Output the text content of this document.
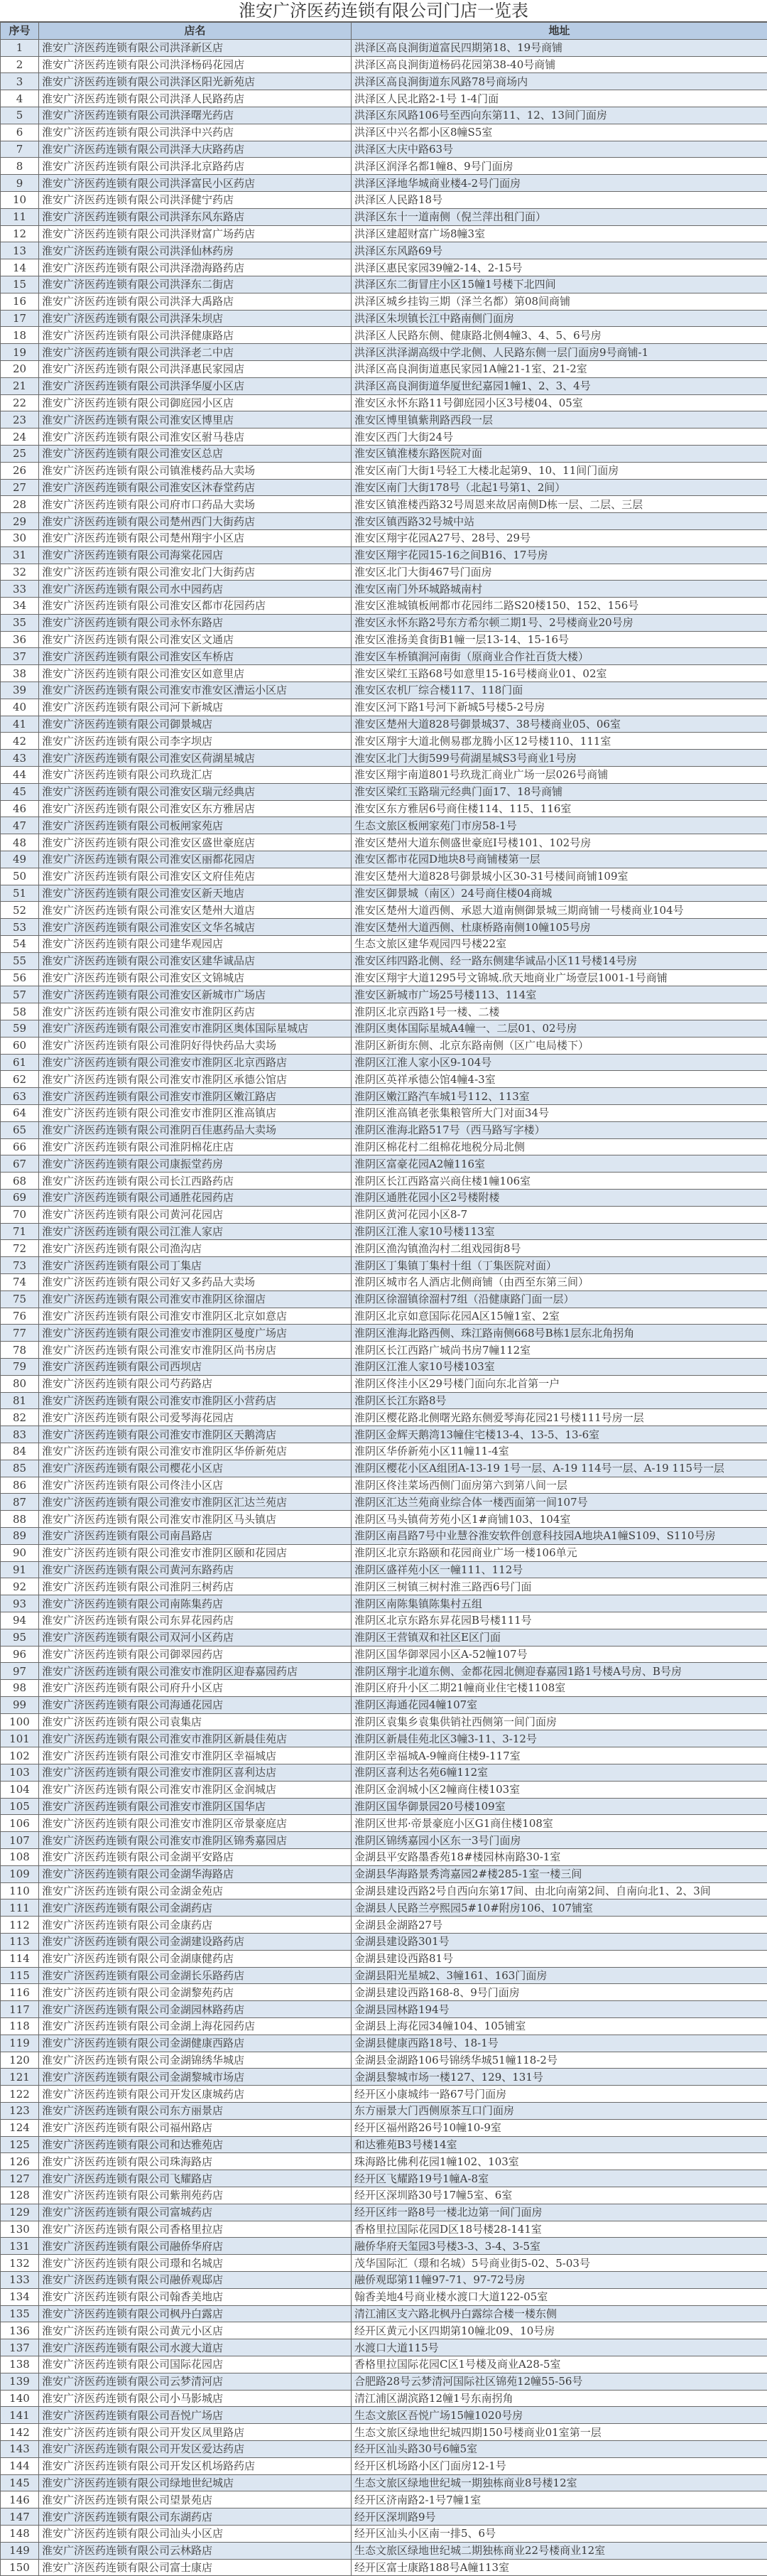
淮安广济医药连锁有限公司门店一览表
序号	店名	地址
1	淮安广济医药连锁有限公司洪泽新区店	洪泽区高良涧街道富民四期第18、19号商铺
2	淮安广济医药连锁有限公司洪泽杨码花园店	洪泽区高良涧街道杨码花园第38-40号商铺
3	淮安广济医药连锁有限公司洪泽区阳光新苑店	洪泽区高良涧街道东风路78号商场内
4	淮安广济医药连锁有限公司洪泽人民路药店	洪泽区人民北路2-1号 1-4门面
5	淮安广济医药连锁有限公司洪泽曙光药店	洪泽区东风路106号至西向东第11、12、13间门面房
6	淮安广济医药连锁有限公司洪泽中兴药店	洪泽区中兴名都小区8幢S5室
7	淮安广济医药连锁有限公司洪泽大庆路药店	洪泽区大庆中路63号
8	淮安广济医药连锁有限公司洪泽北京路药店	洪泽区润泽名都1幢8、9号门面房
9	淮安广济医药连锁有限公司洪泽富民小区药店	洪泽区泽地华城商业楼4-2号门面房
10	淮安广济医药连锁有限公司洪泽健宁药店	洪泽区人民路18号
11	淮安广济医药连锁有限公司洪泽东风东路店	洪泽区东十一道南侧（倪兰萍出租门面）
12	淮安广济医药连锁有限公司洪泽财富广场药店	洪泽区建超财富广场8幢3室
13	淮安广济医药连锁有限公司洪泽仙林药房	洪泽区东风路69号
14	淮安广济医药连锁有限公司洪泽渤海路药店	洪泽区惠民家园39幢2-14、2-15号
15	淮安广济医药连锁有限公司洪泽东二街店	洪泽区东二街冒庄小区15幢1号楼下北四间
16	淮安广济医药连锁有限公司洪泽大禹路店	洪泽区城乡挂钩三期（泽兰名都）第08间商铺
17	淮安广济医药连锁有限公司洪泽朱坝店	洪泽区朱坝镇长江中路南侧门面房
18	淮安广济医药连锁有限公司洪泽健康路店	洪泽区人民路东侧、健康路北侧4幢3、4、5、6号房
19	淮安广济医药连锁有限公司洪泽老二中店	洪泽区洪泽湖高级中学北侧、人民路东侧一层门面房9号商铺-1
20	淮安广济医药连锁有限公司洪泽惠民家园店	洪泽区高良涧街道惠民家园1A幢21-1室、21-2室
21	淮安广济医药连锁有限公司洪泽华厦小区店	洪泽区高良涧街道华厦世纪嘉园1幢1、2、3、4号
22	淮安广济医药连锁有限公司御庭园小区店	淮安区永怀东路11号御庭园小区3号楼04、05室
23	淮安广济医药连锁有限公司淮安区博里店	淮安区博里镇紫荆路西段一层
24	淮安广济医药连锁有限公司淮安区驸马巷店	淮安区西门大街24号
25	淮安广济医药连锁有限公司淮安区总店	淮安区镇淮楼东路医院对面
26	淮安广济医药连锁有限公司镇淮楼药品大卖场	淮安区南门大街1号轻工大楼北起第9、10、11间门面房
27	淮安广济医药连锁有限公司淮安区沐春堂药店	淮安区南门大街178号（北起1号第1、2间）
28	淮安广济医药连锁有限公司府市口药品大卖场	淮安区镇淮楼西路32号周恩来故居南侧D栋一层、二层、三层
29	淮安广济医药连锁有限公司楚州西门大街药店	淮安区镇西路32号城中站
30	淮安广济医药连锁有限公司楚州翔宇小区店	淮安区翔宇花园A27号、28号、29号
31	淮安广济医药连锁有限公司海棠花园店	淮安区翔宇花园15-16之间B16、17号房
32	淮安广济医药连锁有限公司淮安北门大街药店	淮安区北门大街467号门面房
33	淮安广济医药连锁有限公司水中园药店	淮安区南门外环城路城南村
34	淮安广济医药连锁有限公司淮安区都市花园药店	淮安区淮城镇板闸都市花园纬二路S20楼150、152、156号
35	淮安广济医药连锁有限公司永怀东路店	淮安区永怀东路2号东方希尔顿二期1号、2号楼商业20号房
36	淮安广济医药连锁有限公司淮安区文通店	淮安区淮扬美食街B1幢一层13-14、15-16号
37	淮安广济医药连锁有限公司淮安区车桥店	淮安区车桥镇涧河南街（原商业合作社百货大楼）
38	淮安广济医药连锁有限公司淮安区如意里店	淮安区梁红玉路68号如意里15-16号楼商业01、02室
39	淮安广济医药连锁有限公司淮安市淮安区漕运小区店	淮安区农机厂综合楼117、118门面
40	淮安广济医药连锁有限公司河下新城店	淮安区河下路1号河下新城5号楼5-2号房
41	淮安广济医药连锁有限公司御景城店	淮安区楚州大道828号御景城37、38号楼商业05、06室
42	淮安广济医药连锁有限公司李字坝店	淮安区翔宇大道北侧易郡龙腾小区12号楼110、111室
43	淮安广济医药连锁有限公司淮安区荷湖星城店	淮安区北门大街599号荷湖星城S3号商业1号房
44	淮安广济医药连锁有限公司玖珑汇店	淮安区翔宇南道801号玖珑汇商业广场一层026号商铺
45	淮安广济医药连锁有限公司淮安区瑞元经典店	淮安区梁红玉路瑞元经典门面17、18号商铺
46	淮安广济医药连锁有限公司淮安区东方雅居店	淮安区东方雅居6号商住楼114、115、116室
47	淮安广济医药连锁有限公司板闸家苑店	生态文旅区板闸家苑门市房58-1号
48	淮安广济医药连锁有限公司淮安区盛世豪庭店	淮安区楚州大道东侧盛世豪庭Ⅰ号楼101、102号房
49	淮安广济医药连锁有限公司淮安区丽都花园店	淮安区都市花园D地块8号商铺楼第一层
50	淮安广济医药连锁有限公司淮安区文府佳苑店	淮安区楚州大道828号御景城小区30-31号楼间商铺109室
51	淮安广济医药连锁有限公司淮安区新天地店	淮安区御景城（南区）24号商住楼04商城
52	淮安广济医药连锁有限公司淮安区楚州大道店	淮安区楚州大道西侧、承恩大道南侧御景城三期商铺一号楼商业104号
53	淮安广济医药连锁有限公司淮安区文华名城店	淮安区楚州大道西侧、杜康桥路南侧10幢105号房
54	淮安广济医药连锁有限公司建华观园店	生态文旅区建华观园四号楼22室
55	淮安广济医药连锁有限公司淮安区建华诚品店	淮安区纬四路北侧、经一路东侧建华诚品小区11号楼14号房
56	淮安广济医药连锁有限公司淮安区文锦城店	淮安区翔宇大道1295号文锦城.欣天地商业广场壹层1001-1号商铺
57	淮安广济医药连锁有限公司淮安区新城市广场店	淮安区新城市广场25号楼113、114室
58	淮安广济医药连锁有限公司淮安市淮阴区药店	淮阴区北京西路1号一楼、二楼
59	淮安广济医药连锁有限公司淮安市淮阴区奥体国际星城店	淮阴区奥体国际星城A4幢一、二层01、02号房
60	淮安广济医药连锁有限公司淮阴好得快药品大卖场	淮阴区新街东侧、北京东路南侧（区广电局楼下）
61	淮安广济医药连锁有限公司淮安市淮阴区北京西路店	淮阴区江淮人家小区9-104号
62	淮安广济医药连锁有限公司淮安市淮阴区承德公馆店	淮阴区英祥承德公馆4幢4-3室
63	淮安广济医药连锁有限公司淮安市淮阴区嫩江路店	淮阴区嫩江路汽车城1号112、113室
64	淮安广济医药连锁有限公司淮安市淮阴区淮高镇店	淮阴区淮高镇老张集粮管所大门对面34号
65	淮安广济医药连锁有限公司淮阴百佳惠药品大卖场	淮阴区淮海北路517号（西马路写字楼）
66	淮安广济医药连锁有限公司淮阴棉花庄店	淮阴区棉花村二组棉花地税分局北侧
67	淮安广济医药连锁有限公司康振堂药房	淮阴区富豪花园A2幢116室
68	淮安广济医药连锁有限公司长江西路药店	淮阴区长江西路富兴商住楼1幢106室
69	淮安广济医药连锁有限公司通胜花园药店	淮阴区通胜花园小区2号楼附楼
70	淮安广济医药连锁有限公司黄河花园店	淮阴区黄河花园小区8-7
71	淮安广济医药连锁有限公司江淮人家店	淮阴区江淮人家10号楼113室
72	淮安广济医药连锁有限公司渔沟店	淮阴区渔沟镇渔沟村二组戏园街8号
73	淮安广济医药连锁有限公司丁集店	淮阴区丁集镇丁集村十组（丁集医院对面）
74	淮安广济医药连锁有限公司好又多药品大卖场	淮阴区城市名人酒店北侧商铺（由西至东第三间）
75	淮安广济医药连锁有限公司淮安市淮阴区徐溜店	淮阴区徐溜镇徐溜村7组（沿健康路门面一层）
76	淮安广济医药连锁有限公司淮安市淮阴区北京如意店	淮阴区北京如意国际花园A区15幢1室、2室
77	淮安广济医药连锁有限公司淮安市淮阴区曼度广场店	淮阴区淮海北路西侧、珠江路南侧668号B栋1层东北角拐角
78	淮安广济医药连锁有限公司淮安市淮阴区尚书房店	淮阴区长江西路广城尚书房7幢112室
79	淮安广济医药连锁有限公司西坝店	淮阴区江淮人家10号楼103室
80	淮安广济医药连锁有限公司芍药路店	淮阴区佟洼小区29号楼门面向东北首第一户
81	淮安广济医药连锁有限公司淮安市淮阴区小营药店	淮阴区长江东路8号
82	淮安广济医药连锁有限公司爱琴海花园店	淮阴区樱花路北侧曙光路东侧爱琴海花园21号楼111号房一层
83	淮安广济医药连锁有限公司淮安市淮阴区天鹅湾店	淮阴区金辉天鹅湾13幢住宅楼13-4、13-5、13-6室
84	淮安广济医药连锁有限公司淮安市淮阴区华侨新苑店	淮阴区华侨新苑小区11幢11-4室
85	淮安广济医药连锁有限公司樱花小区店	淮阴区樱花小区A组团A-13-19 1号一层、A-19 114号一层、A-19 115号一层
86	淮安广济医药连锁有限公司佟洼小区店	淮阴区佟洼菜场西侧门面房第六到第八间一层
87	淮安广济医药连锁有限公司淮安市淮阴区汇达兰苑店	淮阴区汇达兰苑商业综合体一楼西面第一间107号
88	淮安广济医药连锁有限公司淮安市淮阴区马头镇店	淮阴区马头镇荷芳苑小区1#商铺103、104室
89	淮安广济医药连锁有限公司南昌路店	淮阴区南昌路7号中业慧谷淮安软件创意科技园A地块A1幢S109、S110号房
90	淮安广济医药连锁有限公司淮安市淮阴区颐和花园店	淮阴区北京东路颐和花园商业广场一楼106单元
91	淮安广济医药连锁有限公司黄河东路药店	淮阴区盛祥苑小区一幢111、112号
92	淮安广济医药连锁有限公司淮阴三树药店	淮阴区三树镇三树村淮三路西6号门面
93	淮安广济医药连锁有限公司南陈集药店	淮阴区南陈集镇陈集村五组
94	淮安广济医药连锁有限公司东昇花园药店	淮阴区北京东路东昇花园B号楼111号
95	淮安广济医药连锁有限公司双河小区药店	淮阴区王营镇双和社区E区门面
96	淮安广济医药连锁有限公司御翠园药店	淮阴区国华御翠园小区A-52幢107号
97	淮安广济医药连锁有限公司淮安市淮阴区迎春嘉园药店	淮阴区翔宇北道东侧、金都花园北侧迎春嘉园1路1号楼A号房、B号房
98	淮安广济医药连锁有限公司府升小区店	淮阴区府升小区二期21幢商业住宅楼1108室
99	淮安广济医药连锁有限公司海通花园店	淮阴区海通花园4幢107室
100	淮安广济医药连锁有限公司袁集店	淮阴区袁集乡袁集供销社西侧第一间门面房
101	淮安广济医药连锁有限公司淮安市淮阴区新晨佳苑店	淮阴区新晨佳苑北区3幢3-11、3-12号
102	淮安广济医药连锁有限公司淮安市淮阴区幸福城店	淮阴区幸福城A-9幢商住楼9-117室
103	淮安广济医药连锁有限公司淮安市淮阴区喜利达店	淮阴区喜利达名苑6幢112室
104	淮安广济医药连锁有限公司淮安市淮阴区金润城店	淮阴区金润城小区2幢商住楼103室
105	淮安广济医药连锁有限公司淮安市淮阴区国华店	淮阴区国华御景园20号楼109室
106	淮安广济医药连锁有限公司淮安市淮阴区帝景豪庭店	淮阴区世邦·帝景豪庭小区G1商住楼108室
107	淮安广济医药连锁有限公司淮安市淮阴区锦秀嘉园店	淮阴区锦绣嘉园小区东一3号门面房
108	淮安广济医药连锁有限公司金湖平安路店	金湖县平安路墨香苑18#楼园林南路30-1室
109	淮安广济医药连锁有限公司金湖华海路店	金湖县华海路景秀湾嘉园2#楼285-1室一楼三间
110	淮安广济医药连锁有限公司金湖金苑店	金湖县建设西路2号自西向东第17间、由北向南第2间、自南向北1、2、3间
111	淮安广济医药连锁有限公司金湖药店	金湖县人民路兰亭熙园5#10#附房106、107铺室
112	淮安广济医药连锁有限公司金康药店	金湖县金湖路27号
113	淮安广济医药连锁有限公司金湖建设路药店	金湖县建设路301号
114	淮安广济医药连锁有限公司金湖康健药店	金湖县建设西路81号
115	淮安广济医药连锁有限公司金湖长乐路药店	金湖县阳光星城2、3幢161、163门面房
116	淮安广济医药连锁有限公司金湖黎苑药店	金湖县建设西路168-8、9号门面房
117	淮安广济医药连锁有限公司金湖园林路药店	金湖县园林路194号
118	淮安广济医药连锁有限公司金湖上海花园药店	金湖县上海花园34幢104、105铺室
119	淮安广济医药连锁有限公司金湖健康西路店	金湖县健康西路18号、18-1号
120	淮安广济医药连锁有限公司金湖锦绣华城店	金湖县金湖路106号锦绣华城51幢118-2号
121	淮安广济医药连锁有限公司金湖黎城市场店	金湖县黎城市场一楼127、129、131号
122	淮安广济医药连锁有限公司开发区康城药店	经开区小康城纬一路67号门面房
123	淮安广济医药连锁有限公司东方丽景店	东方丽景大门西侧原茶互口门面房
124	淮安广济医药连锁有限公司福州路店	经开区福州路26号10幢10-9室
125	淮安广济医药连锁有限公司和达雅苑店	和达雅苑B3号楼14室
126	淮安广济医药连锁有限公司珠海路店	珠海路比佛利花园1幢102、103室
127	淮安广济医药连锁有限公司飞耀路店	经开区飞耀路19号1幢A-8室
128	淮安广济医药连锁有限公司紫荆苑药店	经开区深圳路30号17幢5室、6室
129	淮安广济医药连锁有限公司富城药店	经开区纬一路8号一楼北边第一间门面房
130	淮安广济医药连锁有限公司香格里拉店	香格里拉国际花园D区18号楼28-141室
131	淮安广济医药连锁有限公司融侨华府店	融侨华府天玺园3号楼3-3、3-4、3-5室
132	淮安广济医药连锁有限公司璟和名城店	茂华国际汇（璟和名城）5号商业街5-02、5-03号
133	淮安广济医药连锁有限公司融侨观邸店	融侨观邸第11幢97-71、97-72号房
134	淮安广济医药连锁有限公司翰香美地店	翰香美地4号商业楼水渡口大道122-05室
135	淮安广济医药连锁有限公司枫丹白露店	清江浦区支六路北枫丹白露综合楼一楼东侧
136	淮安广济医药连锁有限公司黄元小区店	经开区黄元小区四期第10幢北09、10号房
137	淮安广济医药连锁有限公司水渡大道店	水渡口大道115号
138	淮安广济医药连锁有限公司国际花园店	香格里拉国际花园C区1号楼及商业A28-5室
139	淮安广济医药连锁有限公司云梦清河店	合肥路28号云梦清河国际社区锦苑12幢55-56号
140	淮安广济医药连锁有限公司小马影城店	清江浦区湖滨路12幢1号东南拐角
141	淮安广济医药连锁有限公司吾悦广场店	生态文旅区吾悦广场15幢1020号房
142	淮安广济医药连锁有限公司开发区凤里路店	生态文旅区绿地世纪城四期150号楼商业01室第一层
143	淮安广济医药连锁有限公司开发区爱达药店	经开区汕头路30号6幢5室
144	淮安广济医药连锁有限公司开发区机场路药店	经开区机场路小区门面房12-1号
145	淮安广济医药连锁有限公司绿地世纪城店	生态文旅区绿地世纪城一期独栋商业8号楼12室
146	淮安广济医药连锁有限公司望景苑店	经开区济南路2-1号7幢1室
147	淮安广济医药连锁有限公司东湖药店	经开区深圳路9号
148	淮安广济医药连锁有限公司汕头小区店	经开区汕头小区南一排5、6号
149	淮安广济医药连锁有限公司云林路店	生态文旅区绿地世纪城二期独栋商业22号楼商业12室
150	淮安广济医药连锁有限公司富士康店	经开区富士康路188号A幢113室
